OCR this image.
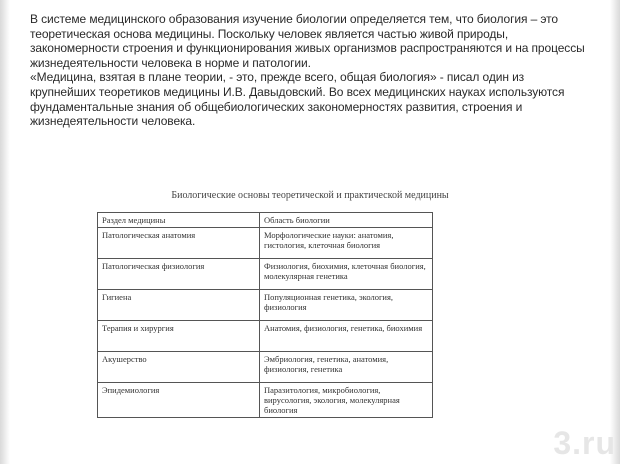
В системе медицинского образования изучение биологии определяется тем, что биология – это теоретическая основа медицины. Поскольку человек является частью живой природы, закономерности строения и функционирования живых организмов распространяются и на процессы жизнедеятельности человека в норме и патологии.

«Медицина, взятая в плане теории, - это, прежде всего, общая биология» - писал один из крупнейших теоретиков медицины И.В. Давыдовский. Во всех медицинских науках используются фундаментальные знания об общебиологических закономерностях развития, строения и жизнедеятельности человека.

Биологические основы теоретической и практической медицины
Раздел медицины	Область биологии
Патологическая анатомия	Морфологические науки: анатомия, гистология, клеточная биология
Патологическая физиология	Физиология, биохимия, клеточная биология, молекулярная генетика
Гигиена	Популяционная генетика, экология, физиология
Терапия и хирургия	Анатомия, физиология, генетика, биохимия
Акушерство	Эмбриология, генетика, анатомия, физиология, генетика
Эпидемиология	Паразитология, микробиология, вирусология, экология, молекулярная биология
3.ru
